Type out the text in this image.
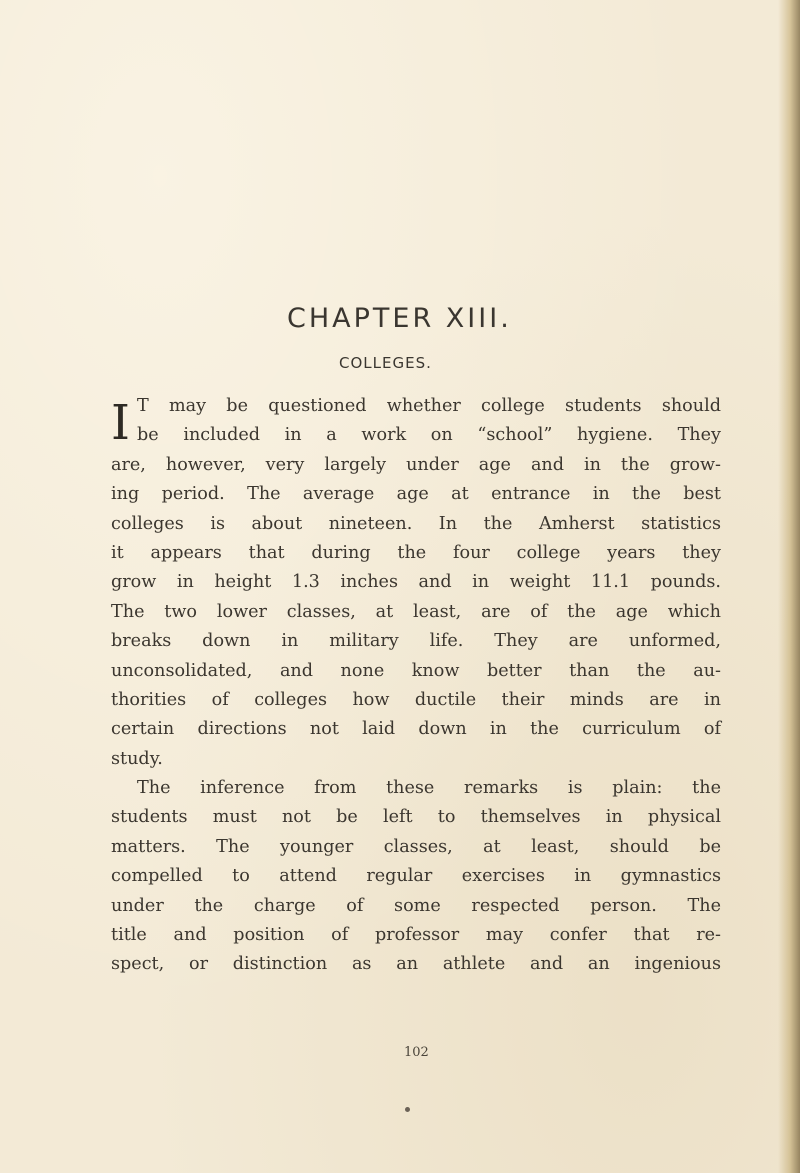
CHAPTER XIII.
COLLEGES.
I T may be questioned whether college students should
be included in a work on “school” hygiene. They
are, however, very largely under age and in the grow-
ing period. The average age at entrance in the best
colleges is about nineteen. In the Amherst statistics
it appears that during the four college years they
grow in height 1.3 inches and in weight 11.1 pounds.
The two lower classes, at least, are of the age which
breaks down in military life. They are unformed,
unconsolidated, and none know better than the au-
thorities of colleges how ductile their minds are in
certain directions not laid down in the curriculum of
study.
The inference from these remarks is plain: the
students must not be left to themselves in physical
matters. The younger classes, at least, should be
compelled to attend regular exercises in gymnastics
under the charge of some respected person. The
title and position of professor may confer that re-
spect, or distinction as an athlete and an ingenious

102
